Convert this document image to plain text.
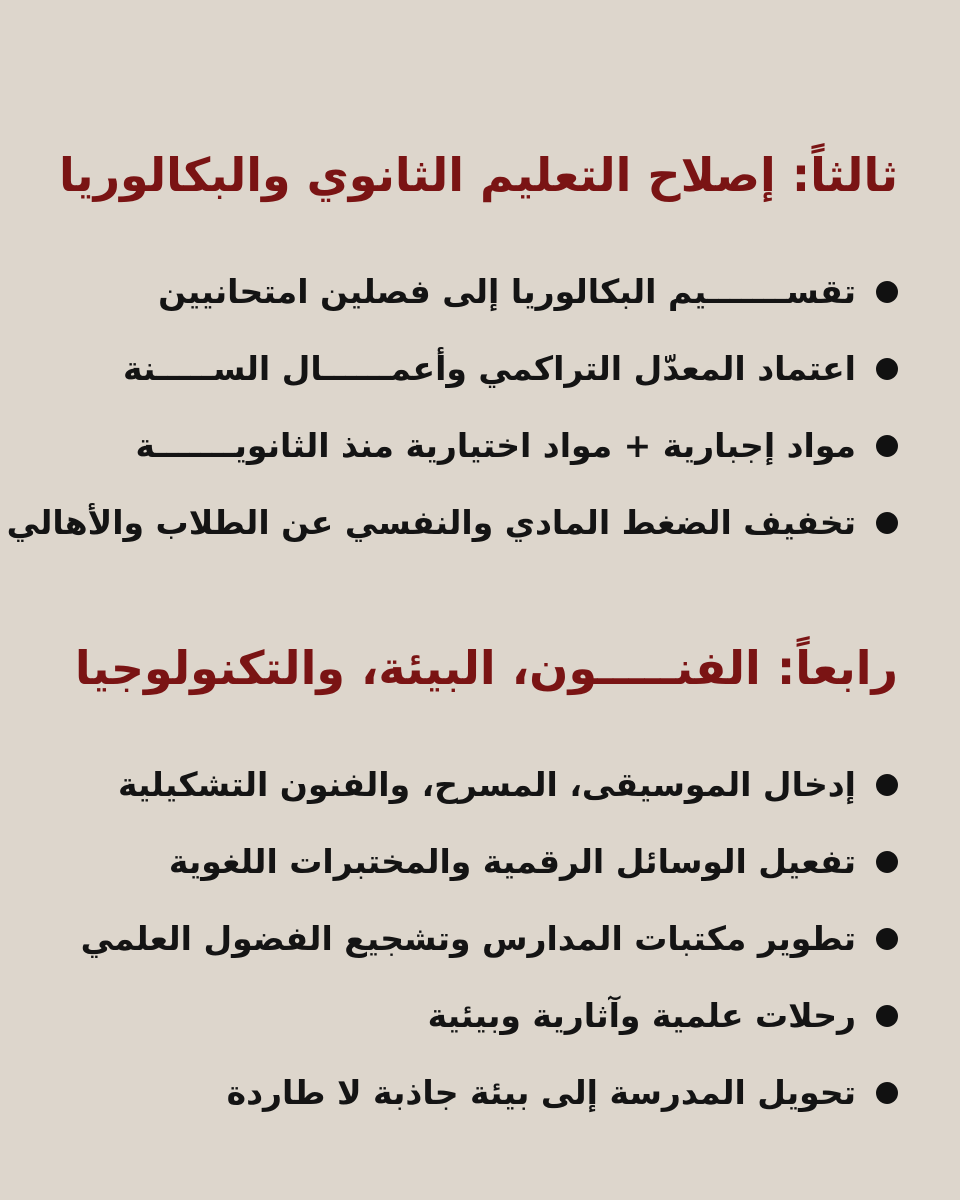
ثالثاً: إصلاح التعليم الثانوي والبكالوريا
تقســـــــيم البكالوريا إلى فصلين امتحانيين
اعتماد المعدّل التراكمي وأعمــــــال الســـــنة
مواد إجبارية + مواد اختيارية منذ الثانويـــــــة
تخفيف الضغط المادي والنفسي عن الطلاب والأهالي
رابعاً: الفنـــــون، البيئة، والتكنولوجيا
إدخال الموسيقى، المسرح، والفنون التشكيلية
تفعيل الوسائل الرقمية والمختبرات اللغوية
تطوير مكتبات المدارس وتشجيع الفضول العلمي
رحلات علمية وآثارية وبيئية
تحويل المدرسة إلى بيئة جاذبة لا طاردة
